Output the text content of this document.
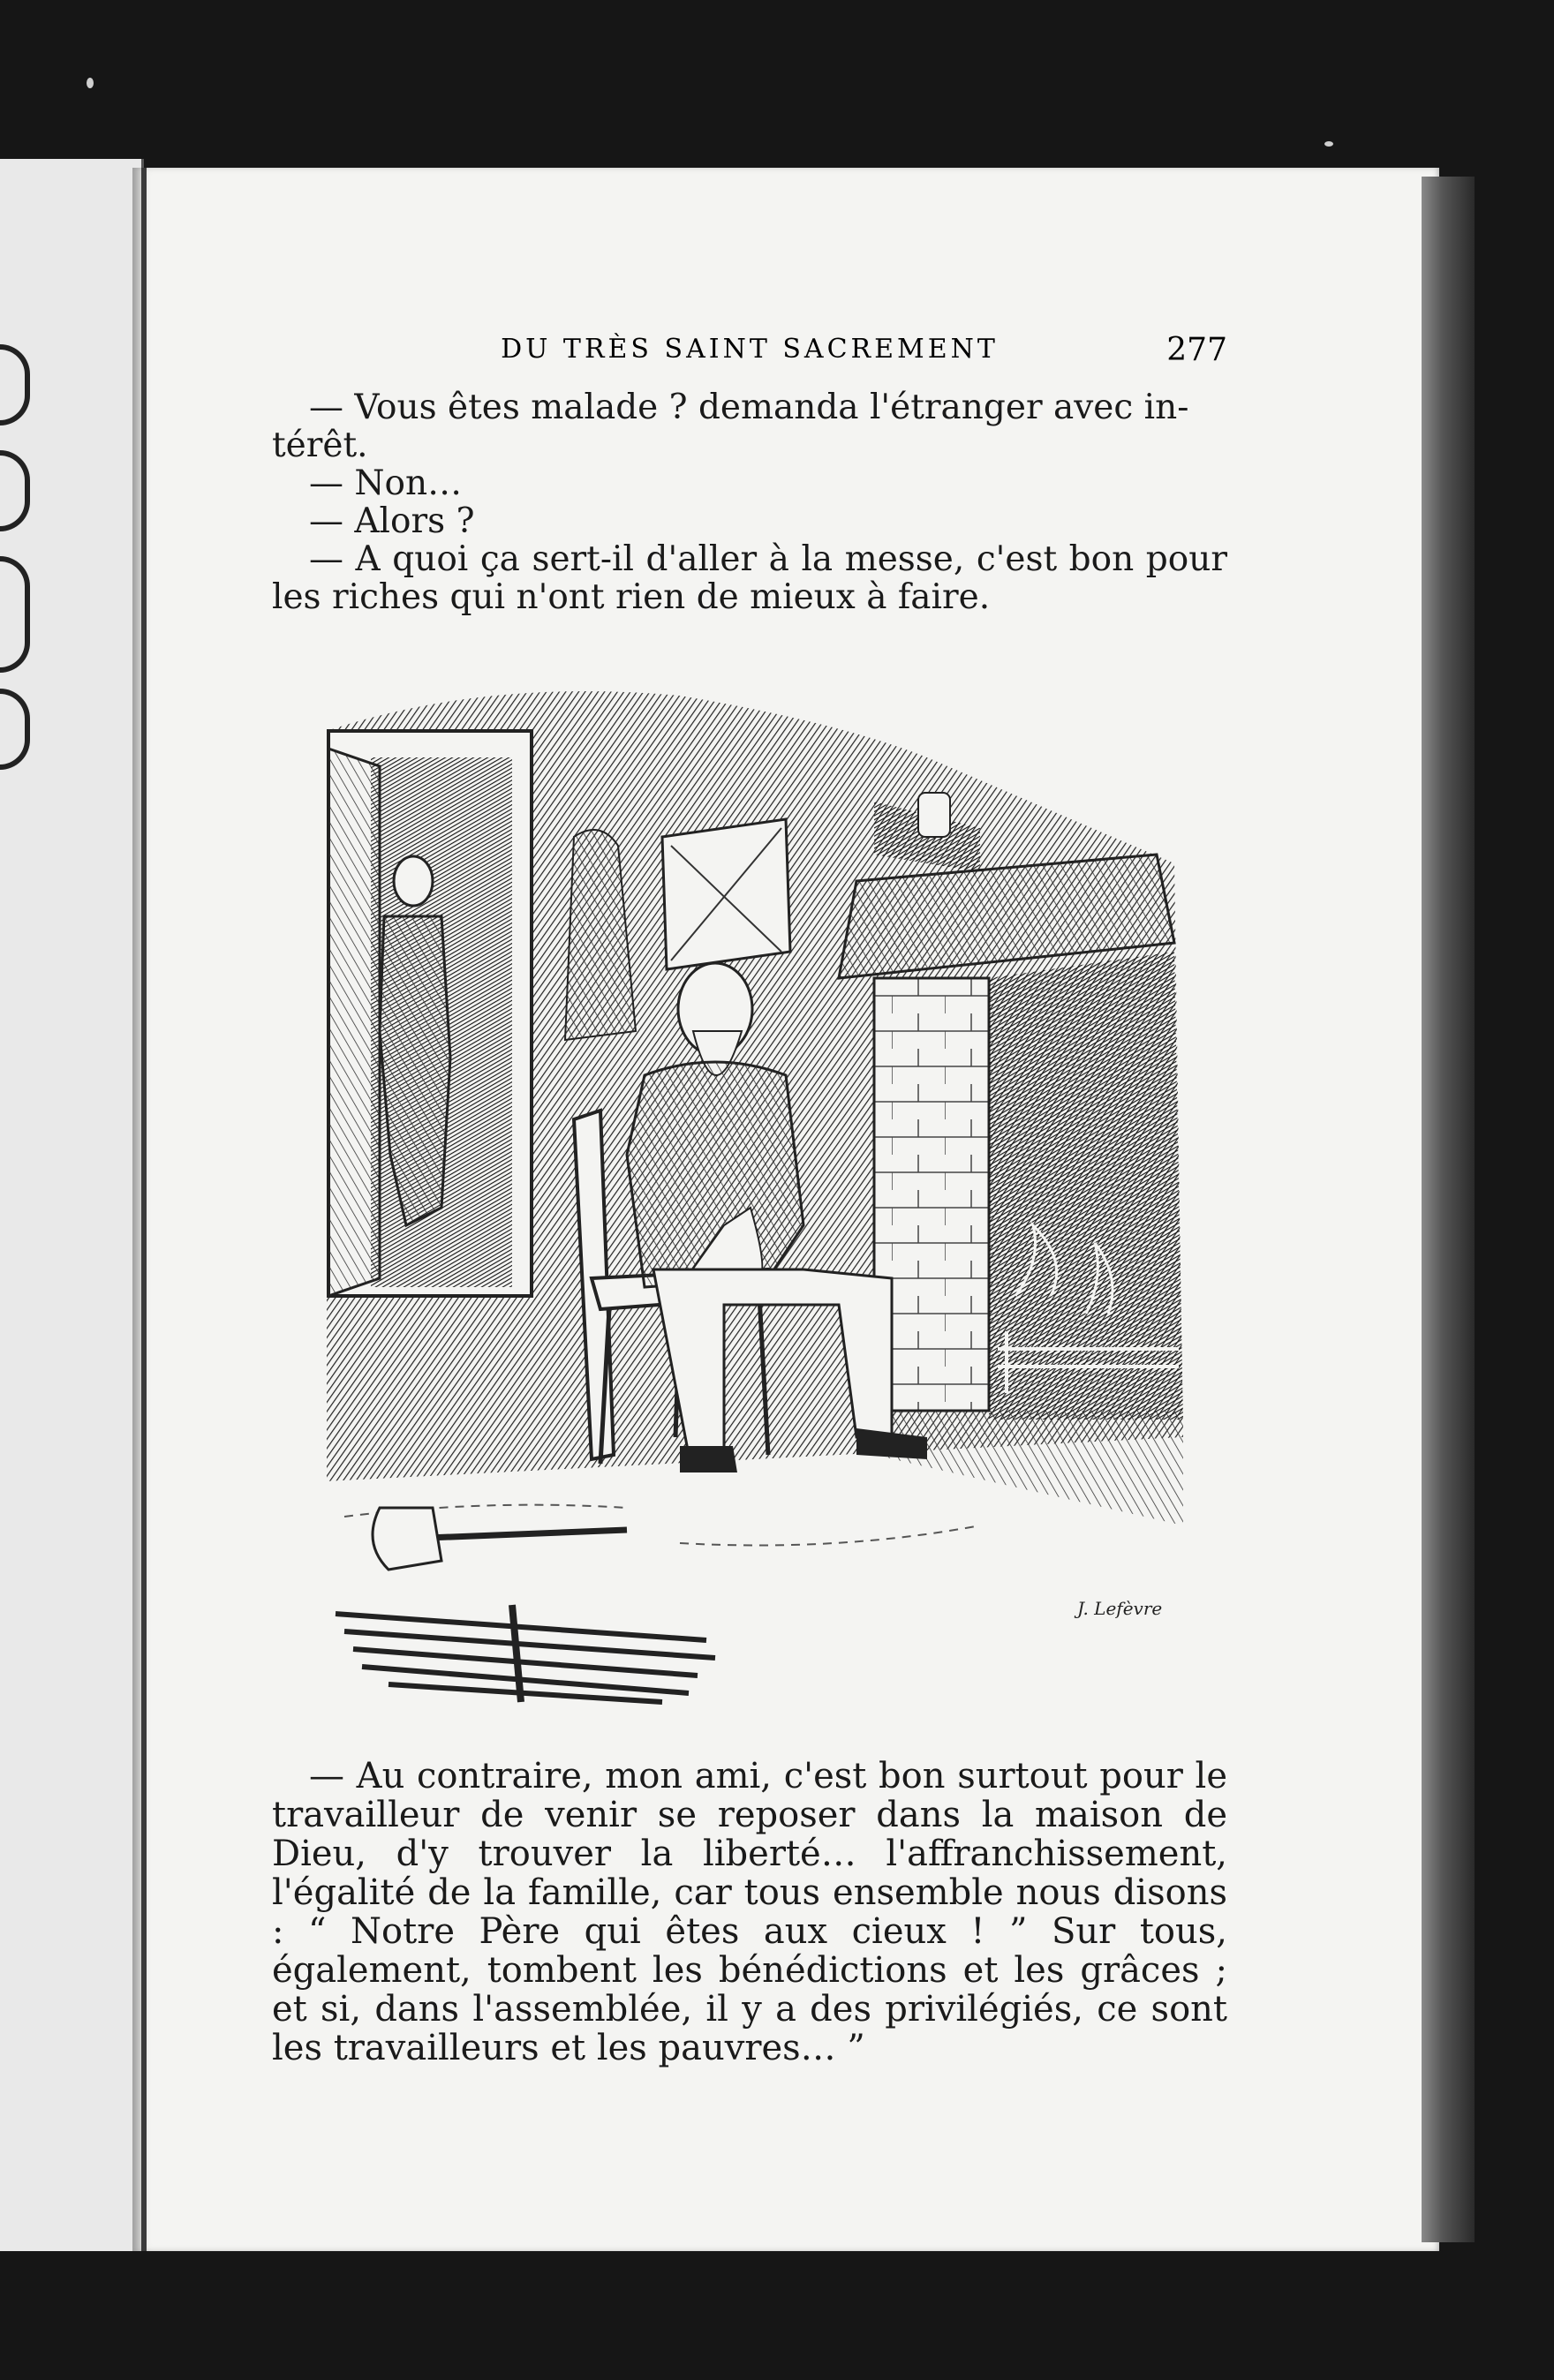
DU TRÈS SAINT SACREMENT	277

— Vous êtes malade ? demanda l'étranger avec in-

térêt.

— Non…

— Alors ?

— A quoi ça sert-il d'aller à la messe, c'est bon pour les riches qui n'ont rien de mieux à faire.

J. Lefèvre

— Au contraire, mon ami, c'est bon surtout pour le travailleur de venir se reposer dans la maison de Dieu, d'y trouver la liberté… l'affranchissement, l'égalité de la famille, car tous ensemble nous disons : “ Notre Père qui êtes aux cieux ! ” Sur tous, également, tombent les bénédictions et les grâces ; et si, dans l'assemblée, il y a des privilégiés, ce sont les travailleurs et les pauvres… ”
